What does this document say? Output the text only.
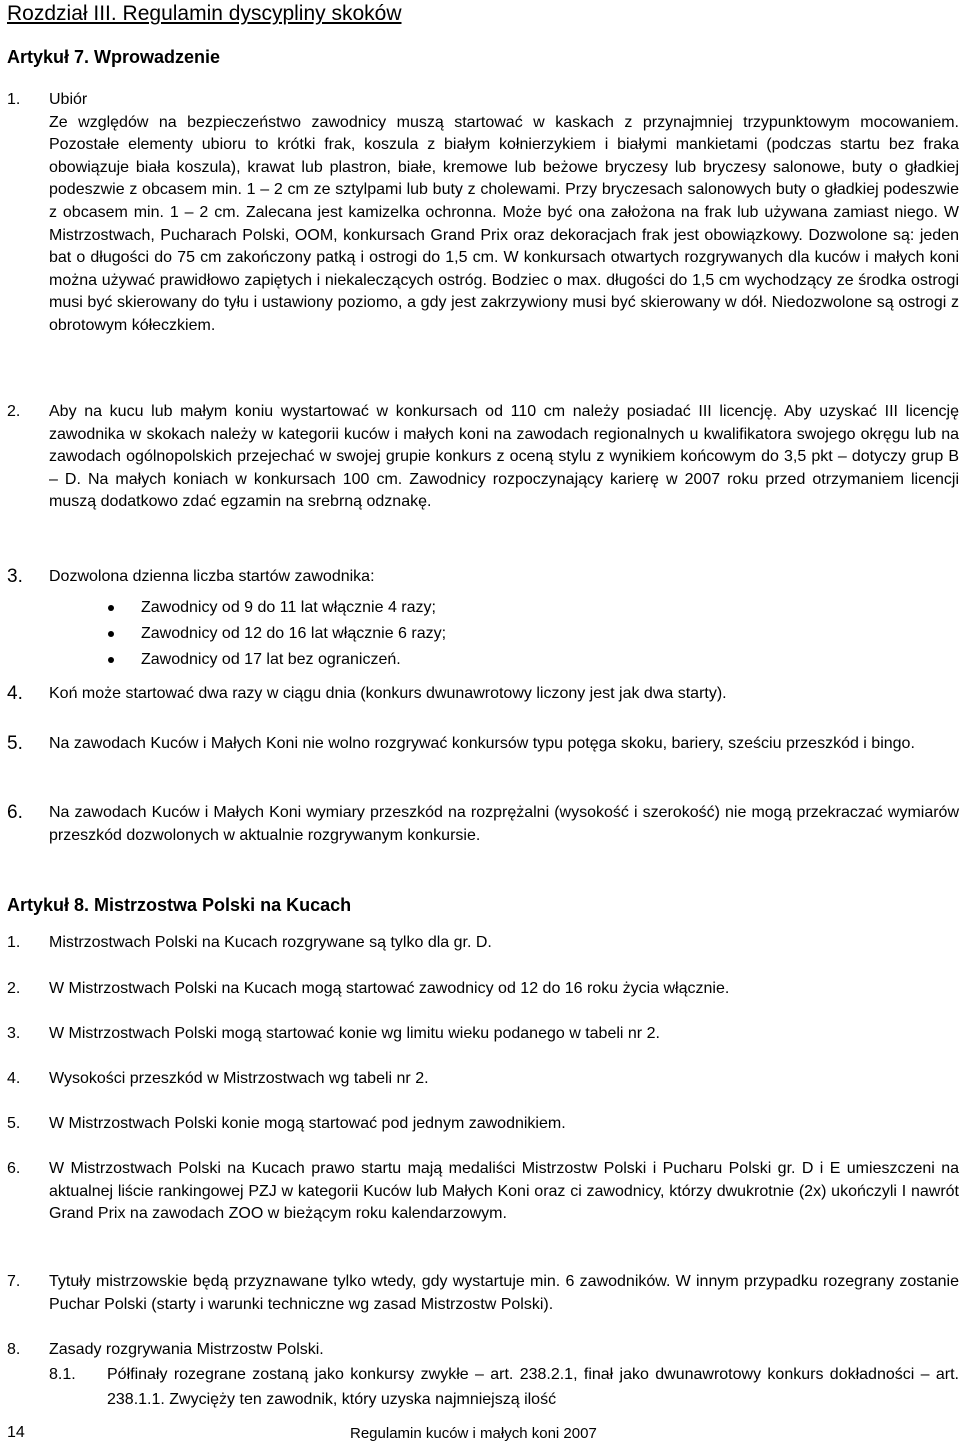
Rozdział III. Regulamin dyscypliny skoków
Artykuł 7. Wprowadzenie
1. Ubiór
Ze względów na bezpieczeństwo zawodnicy muszą startować w kaskach z przynajmniej trzypunktowym mocowaniem. Pozostałe elementy ubioru to krótki frak, koszula z białym kołnierzykiem i białymi mankietami (podczas startu bez fraka obowiązuje biała koszula), krawat lub plastron, białe, kremowe lub beżowe bryczesy lub bryczesy salonowe, buty o gładkiej podeszwie z obcasem min. 1 – 2 cm ze sztylpami lub buty z cholewami. Przy bryczesach salonowych buty o gładkiej podeszwie z obcasem min. 1 – 2 cm. Zalecana jest kamizelka ochronna. Może być ona założona na frak lub używana zamiast niego. W Mistrzostwach, Pucharach Polski, OOM, konkursach Grand Prix oraz dekoracjach frak jest obowiązkowy. Dozwolone są: jeden bat o długości do 75 cm zakończony patką i ostrogi do 1,5 cm. W konkursach otwartych rozgrywanych dla kuców i małych koni można używać prawidłowo zapiętych i niekaleczących ostróg. Bodziec o max. długości do 1,5 cm wychodzący ze środka ostrogi musi być skierowany do tyłu i ustawiony poziomo, a gdy jest zakrzywiony musi być skierowany w dół. Niedozwolone są ostrogi z obrotowym kółeczkiem.
2. Aby na kucu lub małym koniu wystartować w konkursach od 110 cm należy posiadać III licencję. Aby uzyskać III licencję zawodnika w skokach należy w kategorii kuców i małych koni na zawodach regionalnych u kwalifikatora swojego okręgu lub na zawodach ogólnopolskich przejechać w swojej grupie konkurs z oceną stylu z wynikiem końcowym do 3,5 pkt – dotyczy grup B – D. Na małych koniach w konkursach 100 cm. Zawodnicy rozpoczynający karierę w 2007 roku przed otrzymaniem licencji muszą dodatkowo zdać egzamin na srebrną odznakę.
3. Dozwolona dzienna liczba startów zawodnika:
Zawodnicy od 9 do 11 lat włącznie 4 razy;
Zawodnicy od 12 do 16 lat włącznie 6 razy;
Zawodnicy od 17 lat bez ograniczeń.
4. Koń może startować dwa razy w ciągu dnia (konkurs dwunawrotowy liczony jest jak dwa starty).
5. Na zawodach Kuców i Małych Koni nie wolno rozgrywać konkursów typu potęga skoku, bariery, sześciu przeszkód i bingo.
6. Na zawodach Kuców i Małych Koni wymiary przeszkód na rozprężalni (wysokość i szerokość) nie mogą przekraczać wymiarów przeszkód dozwolonych w aktualnie rozgrywanym konkursie.
Artykuł 8. Mistrzostwa Polski na Kucach
1. Mistrzostwach Polski na Kucach rozgrywane są tylko dla gr. D.
2. W Mistrzostwach Polski na Kucach mogą startować zawodnicy od 12 do 16 roku życia włącznie.
3. W Mistrzostwach Polski mogą startować konie wg limitu wieku podanego w tabeli nr 2.
4. Wysokości przeszkód w Mistrzostwach wg tabeli nr 2.
5. W Mistrzostwach Polski konie mogą startować pod jednym zawodnikiem.
6. W Mistrzostwach Polski na Kucach prawo startu mają medaliści Mistrzostw Polski i Pucharu Polski gr. D i E umieszczeni na aktualnej liście rankingowej PZJ w kategorii Kuców lub Małych Koni oraz ci zawodnicy, którzy dwukrotnie (2x) ukończyli I nawrót Grand Prix na zawodach ZOO w bieżącym roku kalendarzowym.
7. Tytuły mistrzowskie będą przyznawane tylko wtedy, gdy wystartuje min. 6 zawodników. W innym przypadku rozegrany zostanie Puchar Polski (starty i warunki techniczne wg zasad Mistrzostw Polski).
8. Zasady rozgrywania Mistrzostw Polski.
8.1. Półfinały rozegrane zostaną jako konkursy zwykłe – art. 238.2.1, finał jako dwunawrotowy konkurs dokładności – art. 238.1.1. Zwycięży ten zawodnik, który uzyska najmniejszą ilość
14	Regulamin kuców i małych koni 2007
